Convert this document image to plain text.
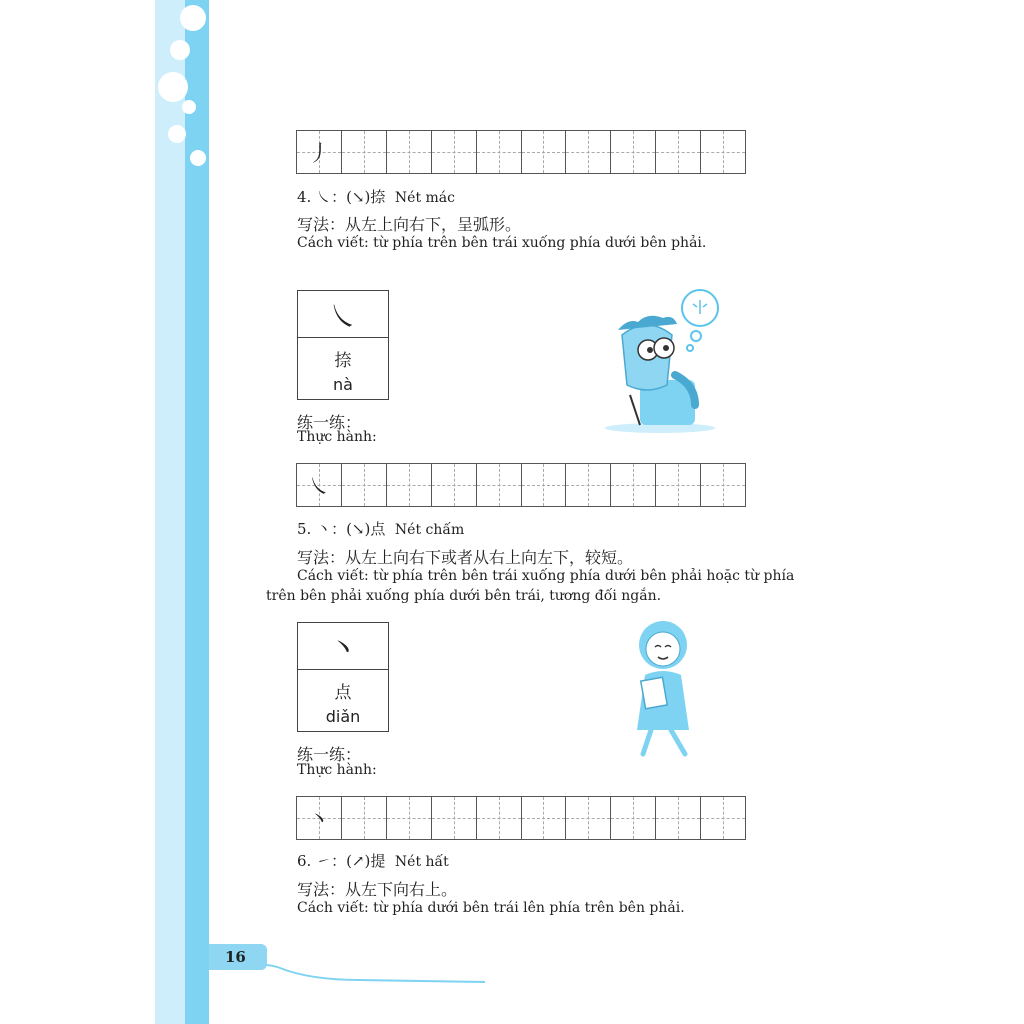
丿
4. ㇏：(↘)捺 Nét mác
写法：从左上向右下，呈弧形。
Cách viết: từ phía trên bên trái xuống phía dưới bên phải.
㇏
捺
nà
练一练：
Thực hành:
㇏
5. 丶：(↘)点 Nét chấm
写法：从左上向右下或者从右上向左下，较短。
Cách viết: từ phía trên bên trái xuống phía dưới bên phải hoặc từ phía
trên bên phải xuống phía dưới bên trái, tương đối ngắn.
丶
点
diǎn
练一练：
Thực hành:
丶
6. ㇀：(↗)提 Nét hất
写法：从左下向右上。
Cách viết: từ phía dưới bên trái lên phía trên bên phải.
16
